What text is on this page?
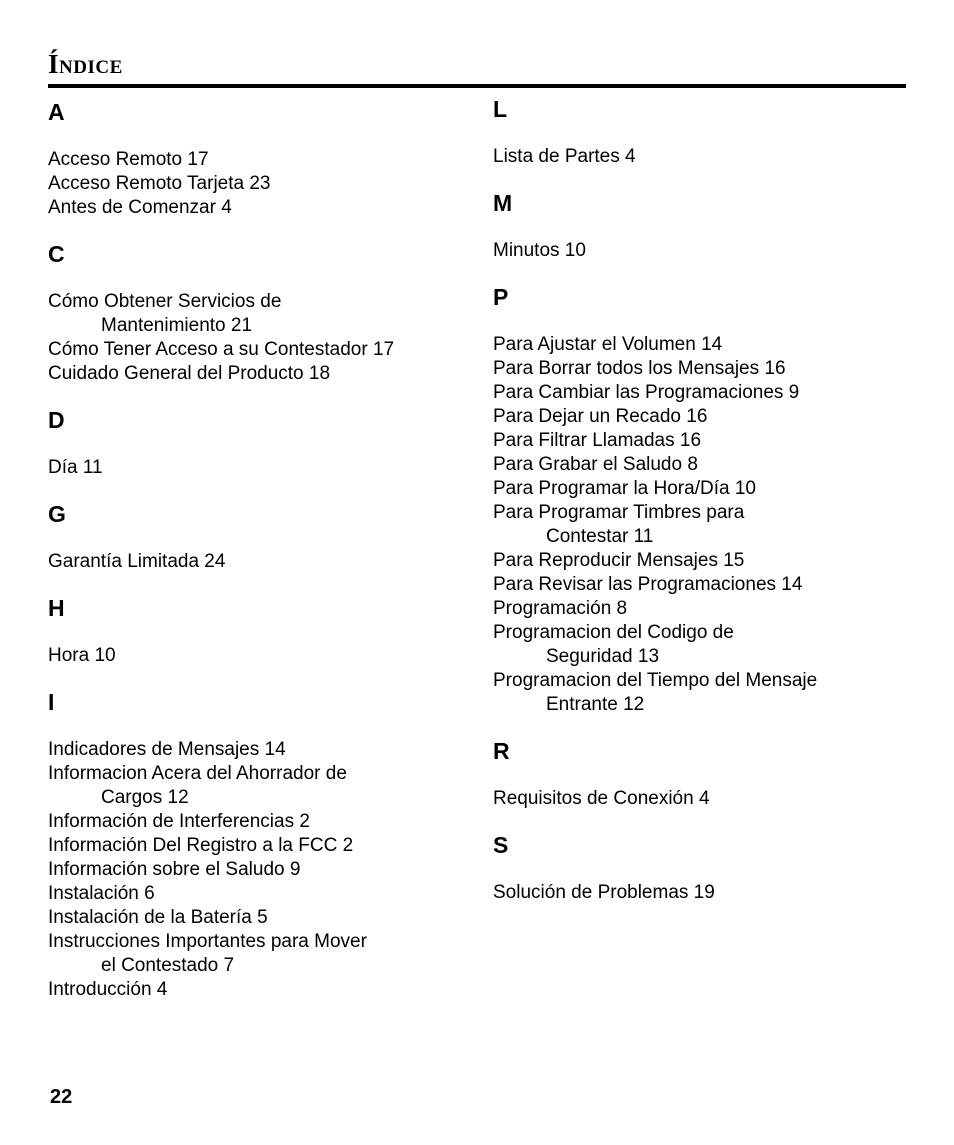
Índice
A
Acceso Remoto 17
Acceso Remoto Tarjeta 23
Antes de Comenzar 4
C
Cómo Obtener Servicios de
Mantenimiento 21
Cómo Tener Acceso a su Contestador 17
Cuidado General del Producto 18
D
Día 11
G
Garantía Limitada 24
H
Hora 10
I
Indicadores de Mensajes 14
Informacion Acera del Ahorrador de
Cargos 12
Información de Interferencias 2
Información Del Registro a la FCC 2
Información sobre el Saludo 9
Instalación 6
Instalación de la Batería 5
Instrucciones Importantes para Mover
el Contestado 7
Introducción 4
L
Lista de Partes 4
M
Minutos 10
P
Para Ajustar el Volumen 14
Para Borrar todos los Mensajes 16
Para Cambiar las Programaciones 9
Para Dejar un Recado 16
Para Filtrar Llamadas 16
Para Grabar el Saludo 8
Para Programar la Hora/Día 10
Para Programar Timbres para
Contestar 11
Para Reproducir Mensajes 15
Para Revisar las Programaciones 14
Programación 8
Programacion del Codigo de
Seguridad 13
Programacion del Tiempo del Mensaje
Entrante 12
R
Requisitos de Conexión 4
S
Solución de Problemas 19
22
